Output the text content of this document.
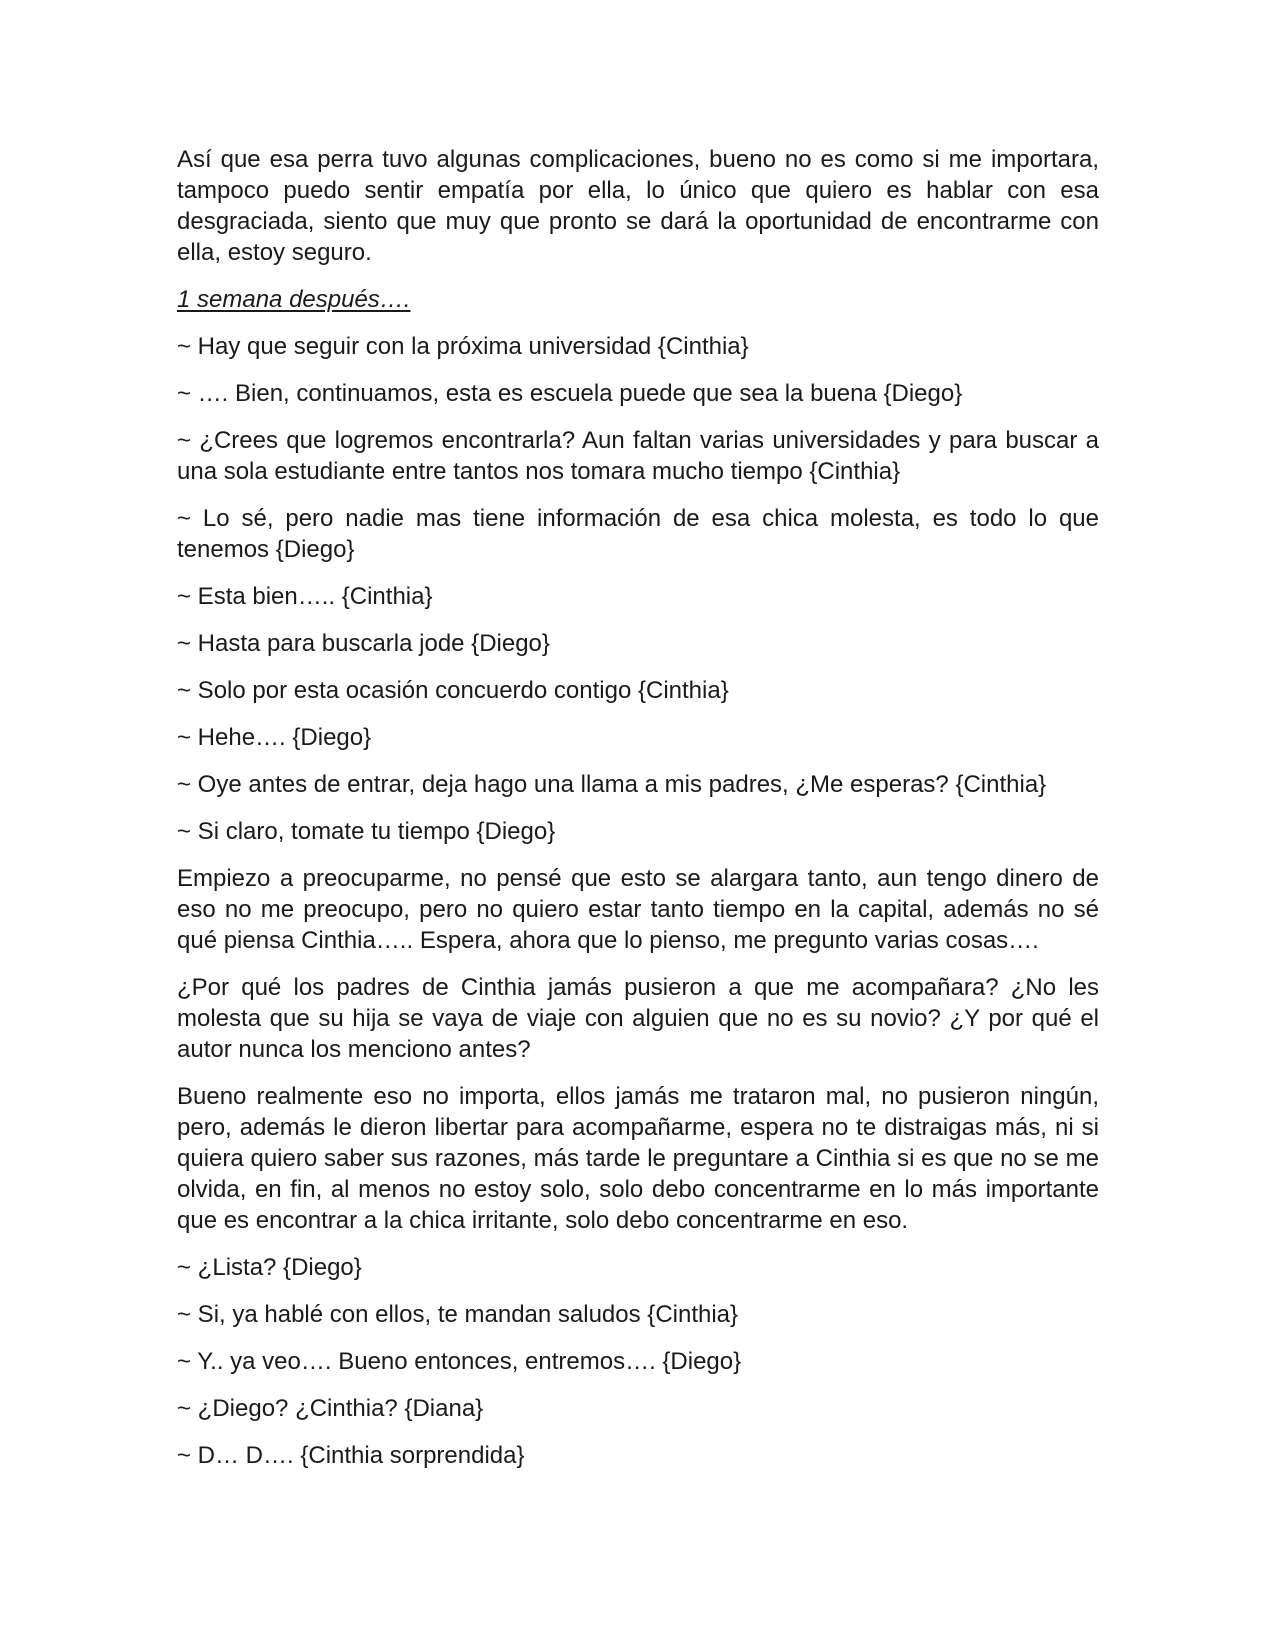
Así que esa perra tuvo algunas complicaciones, bueno no es como si me importara, tampoco puedo sentir empatía por ella, lo único que quiero es hablar con esa desgraciada, siento que muy que pronto se dará la oportunidad de encontrarme con ella, estoy seguro.

1 semana después….

~ Hay que seguir con la próxima universidad {Cinthia}

~ …. Bien, continuamos, esta es escuela puede que sea la buena {Diego}

~ ¿Crees que logremos encontrarla? Aun faltan varias universidades y para buscar a una sola estudiante entre tantos nos tomara mucho tiempo {Cinthia}

~ Lo sé, pero nadie mas tiene información de esa chica molesta, es todo lo que tenemos {Diego}

~ Esta bien….. {Cinthia}

~ Hasta para buscarla jode {Diego}

~ Solo por esta ocasión concuerdo contigo {Cinthia}

~ Hehe…. {Diego}

~ Oye antes de entrar, deja hago una llama a mis padres, ¿Me esperas? {Cinthia}

~ Si claro, tomate tu tiempo {Diego}

Empiezo a preocuparme, no pensé que esto se alargara tanto, aun tengo dinero de eso no me preocupo, pero no quiero estar tanto tiempo en la capital, además no sé qué piensa Cinthia….. Espera, ahora que lo pienso, me pregunto varias cosas….

¿Por qué los padres de Cinthia jamás pusieron a que me acompañara? ¿No les molesta que su hija se vaya de viaje con alguien que no es su novio? ¿Y por qué el autor nunca los menciono antes?

Bueno realmente eso no importa, ellos jamás me trataron mal, no pusieron ningún, pero, además le dieron libertar para acompañarme, espera no te distraigas más, ni si quiera quiero saber sus razones, más tarde le preguntare a Cinthia si es que no se me olvida, en fin, al menos no estoy solo, solo debo concentrarme en lo más importante que es encontrar a la chica irritante, solo debo concentrarme en eso.

~ ¿Lista? {Diego}

~ Si, ya hablé con ellos, te mandan saludos {Cinthia}

~ Y.. ya veo…. Bueno entonces, entremos…. {Diego}

~ ¿Diego? ¿Cinthia? {Diana}

~ D… D…. {Cinthia sorprendida}
